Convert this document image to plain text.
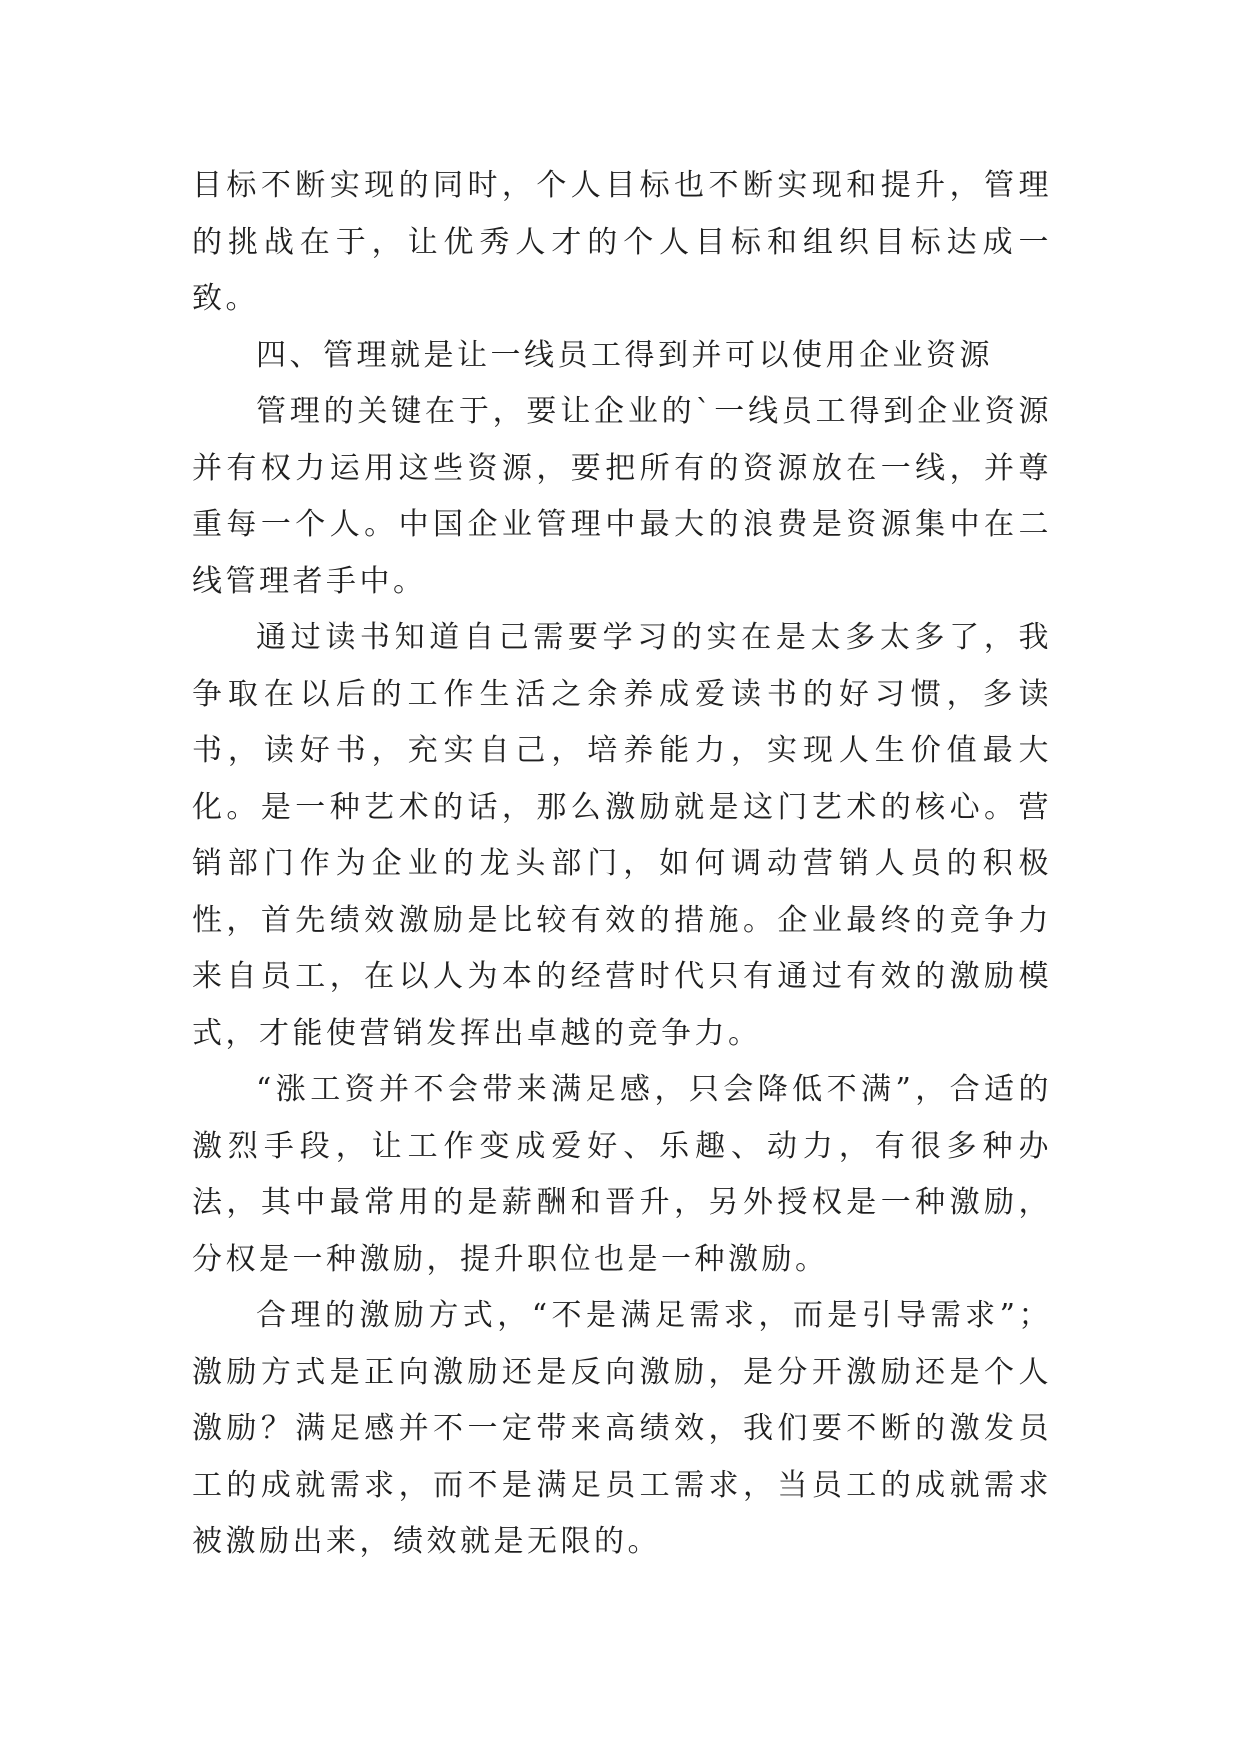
目标不断实现的同时，个人目标也不断实现和提升，管理的挑战在于，让优秀人才的个人目标和组织目标达成一致。

四、管理就是让一线员工得到并可以使用企业资源

管理的关键在于，要让企业的`一线员工得到企业资源并有权力运用这些资源，要把所有的资源放在一线，并尊重每一个人。中国企业管理中最大的浪费是资源集中在二线管理者手中。

通过读书知道自己需要学习的实在是太多太多了，我争取在以后的工作生活之余养成爱读书的好习惯，多读书，读好书，充实自己，培养能力，实现人生价值最大化。是一种艺术的话，那么激励就是这门艺术的核心。营销部门作为企业的龙头部门，如何调动营销人员的积极性，首先绩效激励是比较有效的措施。企业最终的竞争力来自员工，在以人为本的经营时代只有通过有效的激励模式，才能使营销发挥出卓越的竞争力。

“涨工资并不会带来满足感，只会降低不满”，合适的激烈手段，让工作变成爱好、乐趣、动力，有很多种办法，其中最常用的是薪酬和晋升，另外授权是一种激励，分权是一种激励，提升职位也是一种激励。

合理的激励方式，“不是满足需求，而是引导需求”；激励方式是正向激励还是反向激励，是分开激励还是个人激励？满足感并不一定带来高绩效，我们要不断的激发员工的成就需求，而不是满足员工需求，当员工的成就需求被激励出来，绩效就是无限的。
